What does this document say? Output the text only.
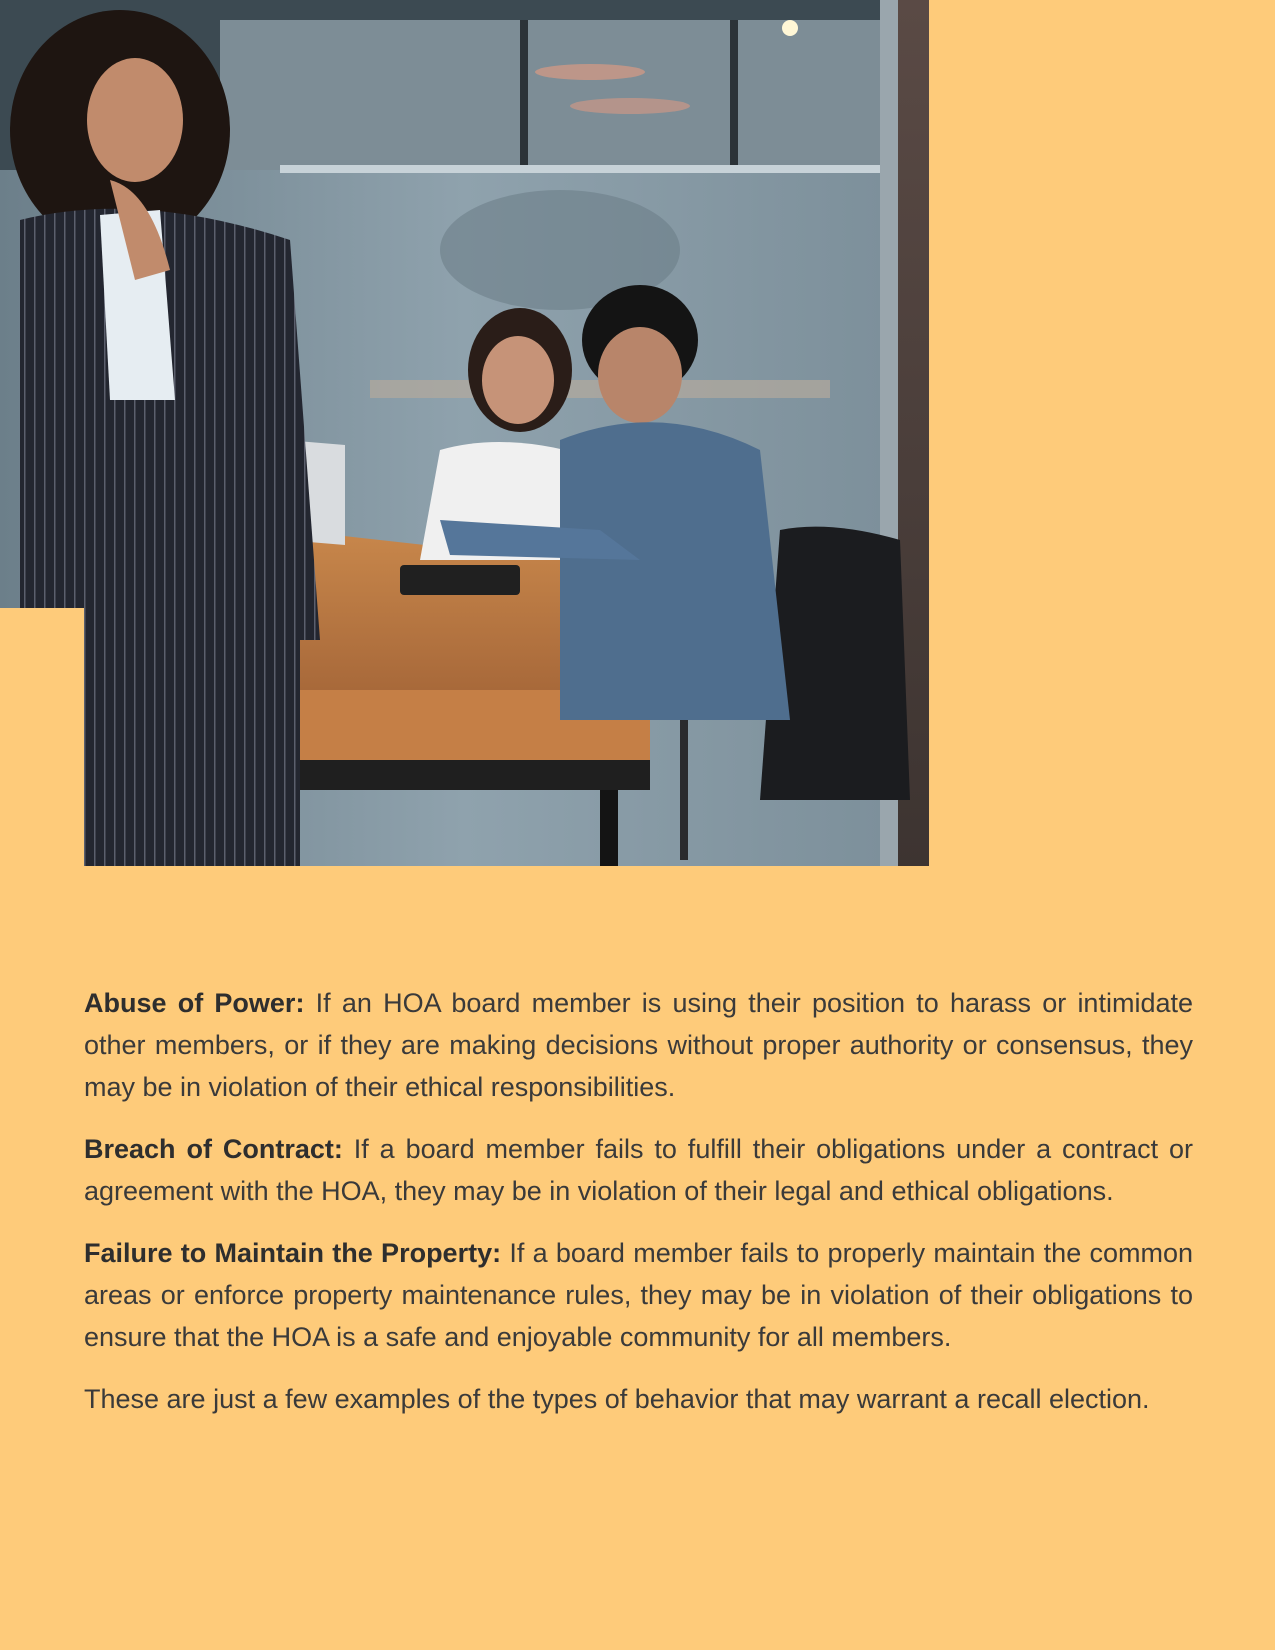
Abuse of Power: If an HOA board member is using their position to harass or intimidate other members, or if they are making decisions without proper authority or consensus, they may be in violation of their ethical responsibilities.

Breach of Contract: If a board member fails to fulfill their obligations under a contract or agreement with the HOA, they may be in violation of their legal and ethical obligations.

Failure to Maintain the Property: If a board member fails to properly maintain the common areas or enforce property maintenance rules, they may be in violation of their obligations to ensure that the HOA is a safe and enjoyable community for all members.

These are just a few examples of the types of behavior that may warrant a recall election.
